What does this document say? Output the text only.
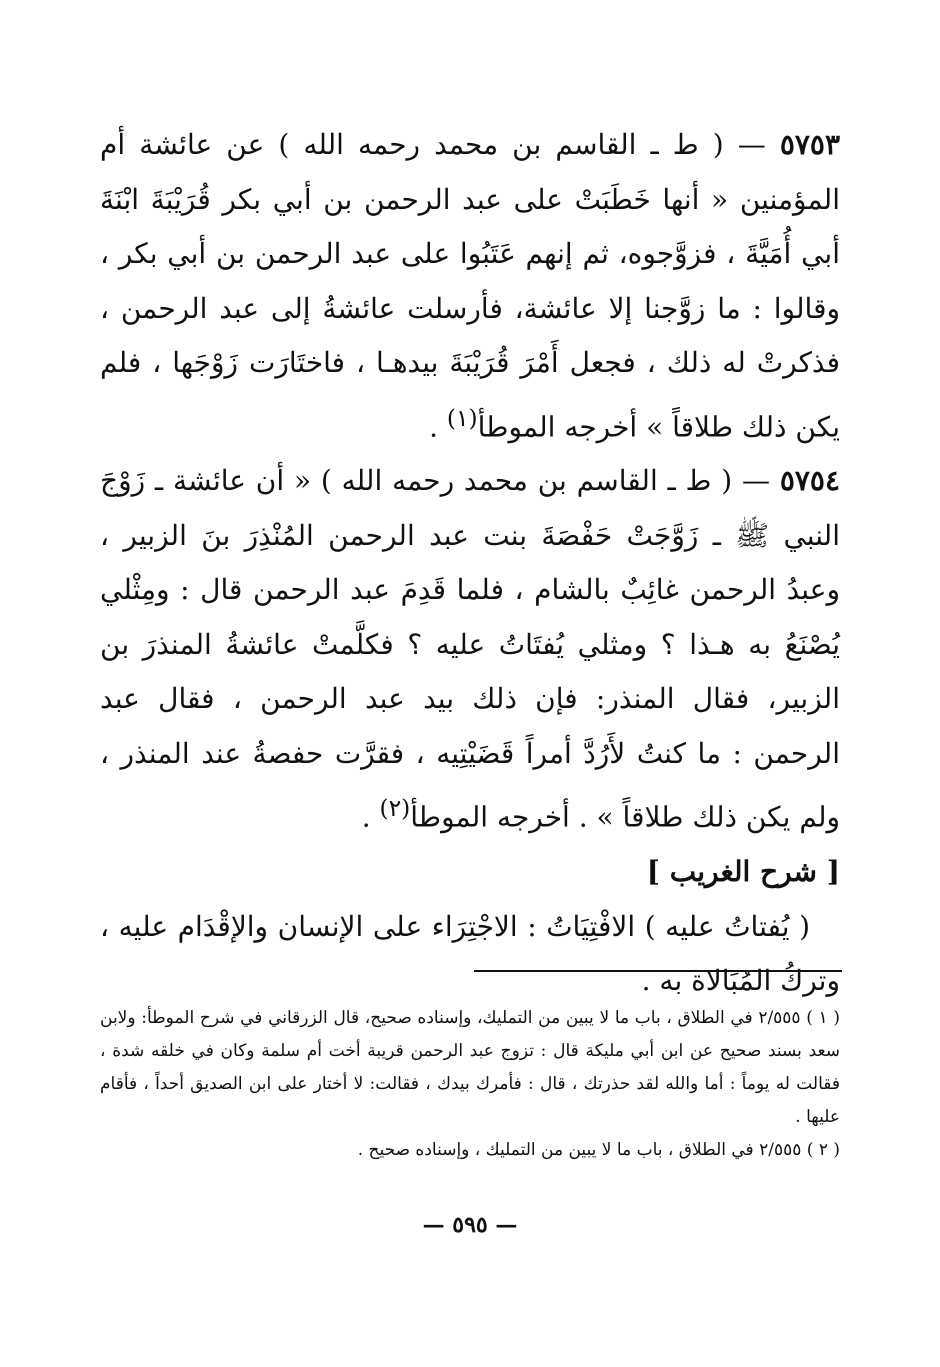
٥٧٥٣ — ( ط ـ القاسم بن محمد رحمه الله ) عن عائشة أم المؤمنين « أنها خَطَبَتْ على عبد الرحمن بن أبي بكر قُرَيْبَةَ ابْنَةَ أبي أُمَيَّةَ ، فزوَّجوه، ثم إنهم عَتَبُوا على عبد الرحمن بن أبي بكر ، وقالوا : ما زوَّجنا إلا عائشة، فأرسلت عائشةُ إلى عبد الرحمن ، فذكرتْ له ذلك ، فجعل أَمْرَ قُرَيْبَةَ بيدهـا ، فاختَارَت زَوْجَها ، فلم يكن ذلك طلاقاً » أخرجه الموطأ$^{(١)}$ .

٥٧٥٤ — ( ط ـ القاسم بن محمد رحمه الله ) « أن عائشة ـ زَوْجَ النبي ﷺ ـ زَوَّجَتْ حَفْصَةَ بنت عبد الرحمن المُنْذِرَ بنَ الزبير ، وعبدُ الرحمن غائِبٌ بالشام ، فلما قَدِمَ عبد الرحمن قال : ومِثْلي يُصْنَعُ به هـذا ؟ ومثلي يُفتَاتُ عليه ؟ فكلَّمتْ عائشةُ المنذرَ بن الزبير، فقال المنذر: فإن ذلك بيد عبد الرحمن ، فقال عبد الرحمن : ما كنتُ لأَرُدَّ أمراً قَضَيْتِيه ، فقرَّت حفصةُ عند المنذر ، ولم يكن ذلك طلاقاً » . أخرجه الموطأ$^{(٢)}$ .

[ شرح الغريب ]

( يُفتاتُ عليه ) الافْتِيَاتُ : الاجْتِرَاء على الإنسان والإقْدَام عليه ، وتركُ المُبَالاة به .

( ١ ) ٢/٥٥٥ في الطلاق ، باب ما لا يبين من التمليك، وإسناده صحيح، قال الزرقاني في شرح الموطأ: ولابن سعد بسند صحيح عن ابن أبي مليكة قال : تزوج عبد الرحمن قريبة أخت أم سلمة وكان في خلقه شدة ، فقالت له يوماً : أما والله لقد حذرتك ، قال : فأمرك بيدك ، فقالت: لا أختار على ابن الصديق أحداً ، فأقام عليها .

( ٢ ) ٢/٥٥٥ في الطلاق ، باب ما لا يبين من التمليك ، وإسناده صحيح .

— ٥٩٥ —
